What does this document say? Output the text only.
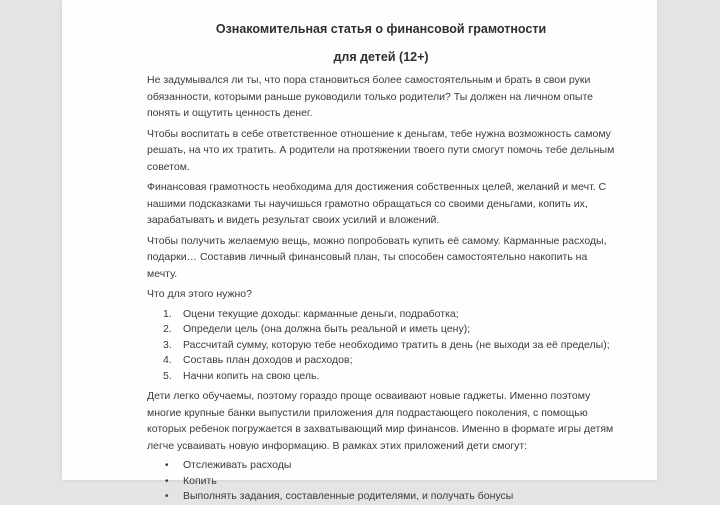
Ознакомительная статья о финансовой грамотности
для детей (12+)

Не задумывался ли ты, что пора становиться более самостоятельным и брать в свои руки обязанности, которыми раньше руководили только родители? Ты должен на личном опыте понять и ощутить ценность денег.

Чтобы воспитать в себе ответственное отношение к деньгам, тебе нужна возможность самому решать, на что их тратить. А родители на протяжении твоего пути смогут помочь тебе дельным советом.

Финансовая грамотность необходима для достижения собственных целей, желаний и мечт. С нашими подсказками ты научишься грамотно обращаться со своими деньгами, копить их, зарабатывать и видеть результат своих усилий и вложений.

Чтобы получить желаемую вещь, можно попробовать купить её самому. Карманные расходы, подарки… Составив личный финансовый план, ты способен самостоятельно накопить на мечту.

Что для этого нужно?

1. Оцени текущие доходы: карманные деньги, подработка;
2. Определи цель (она должна быть реальной и иметь цену);
3. Рассчитай сумму, которую тебе необходимо тратить в день (не выходи за её пределы);
4. Составь план доходов и расходов;
5. Начни копить на свою цель.

Дети легко обучаемы, поэтому гораздо проще осваивают новые гаджеты. Именно поэтому многие крупные банки выпустили приложения для подрастающего поколения, с помощью которых ребенок погружается в захватывающий мир финансов. Именно в формате игры детям легче усваивать новую информацию. В рамках этих приложений дети смогут:

• Отслеживать расходы
• Копить
• Выполнять задания, составленные родителями, и получать бонусы
